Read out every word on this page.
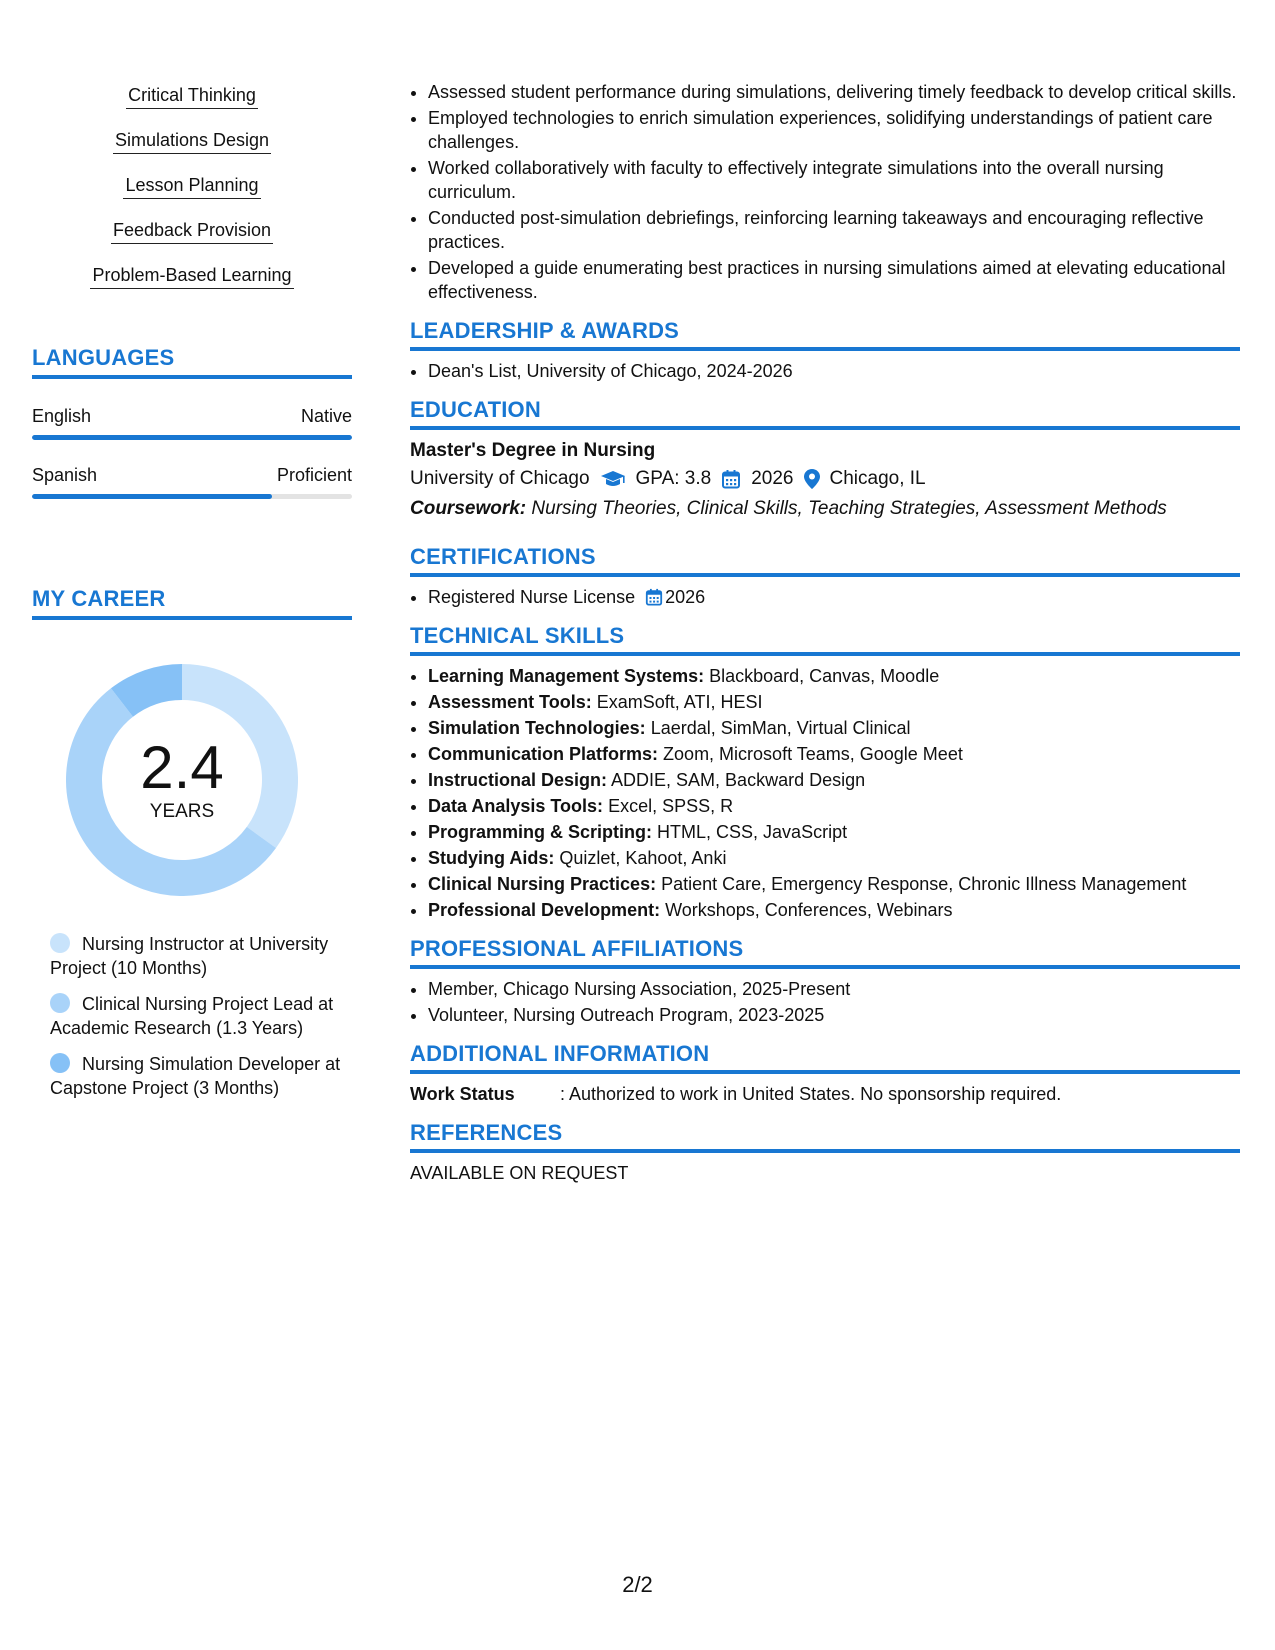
Critical Thinking
Simulations Design
Lesson Planning
Feedback Provision
Problem-Based Learning
LANGUAGES
English	Native
Spanish	Proficient
MY CAREER
2.4
YEARS
Nursing Instructor at University Project (10 Months)
Clinical Nursing Project Lead at Academic Research (1.3 Years)
Nursing Simulation Developer at Capstone Project (3 Months)
• Assessed student performance during simulations, delivering timely feedback to develop critical skills.
• Employed technologies to enrich simulation experiences, solidifying understandings of patient care challenges.
• Worked collaboratively with faculty to effectively integrate simulations into the overall nursing curriculum.
• Conducted post-simulation debriefings, reinforcing learning takeaways and encouraging reflective practices.
• Developed a guide enumerating best practices in nursing simulations aimed at elevating educational effectiveness.
LEADERSHIP & AWARDS
• Dean's List, University of Chicago, 2024-2026
EDUCATION
Master's Degree in Nursing
University of Chicago GPA: 3.8 2026 Chicago, IL
Coursework: Nursing Theories, Clinical Skills, Teaching Strategies, Assessment Methods
CERTIFICATIONS
• Registered Nurse License 2026
TECHNICAL SKILLS
• Learning Management Systems: Blackboard, Canvas, Moodle
• Assessment Tools: ExamSoft, ATI, HESI
• Simulation Technologies: Laerdal, SimMan, Virtual Clinical
• Communication Platforms: Zoom, Microsoft Teams, Google Meet
• Instructional Design: ADDIE, SAM, Backward Design
• Data Analysis Tools: Excel, SPSS, R
• Programming & Scripting: HTML, CSS, JavaScript
• Studying Aids: Quizlet, Kahoot, Anki
• Clinical Nursing Practices: Patient Care, Emergency Response, Chronic Illness Management
• Professional Development: Workshops, Conferences, Webinars
PROFESSIONAL AFFILIATIONS
• Member, Chicago Nursing Association, 2025-Present
• Volunteer, Nursing Outreach Program, 2023-2025
ADDITIONAL INFORMATION
Work Status	: Authorized to work in United States. No sponsorship required.
REFERENCES
AVAILABLE ON REQUEST
2/2
